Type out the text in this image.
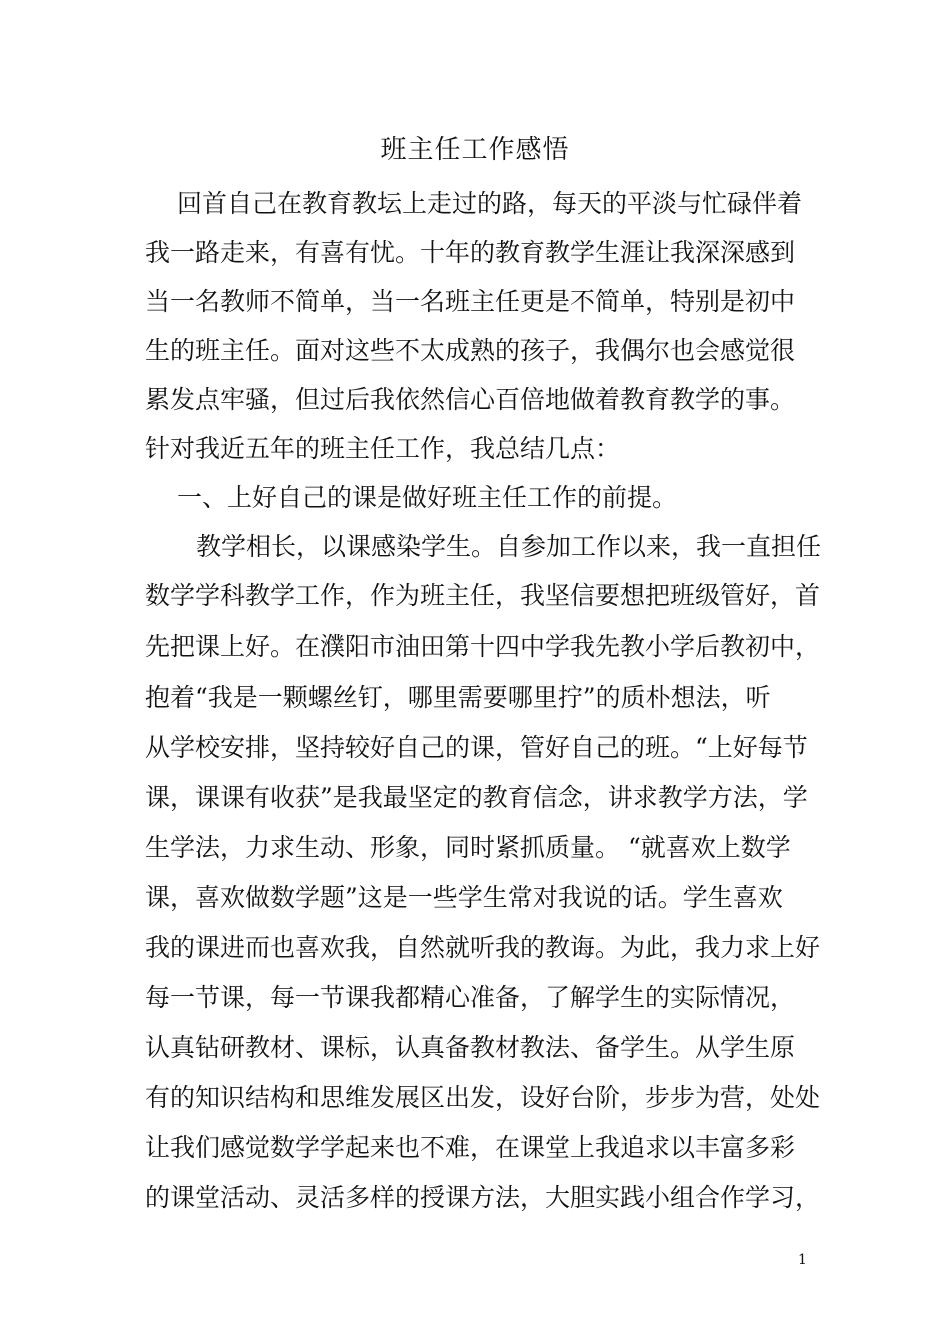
班主任工作感悟
回首自己在教育教坛上走过的路，每天的平淡与忙碌伴着
我一路走来，有喜有忧。十年的教育教学生涯让我深深感到
当一名教师不简单，当一名班主任更是不简单，特别是初中
生的班主任。面对这些不太成熟的孩子，我偶尔也会感觉很
累发点牢骚，但过后我依然信心百倍地做着教育教学的事。
针对我近五年的班主任工作，我总结几点：
一、上好自己的课是做好班主任工作的前提。
教学相长，以课感染学生。自参加工作以来，我一直担任
数学学科教学工作，作为班主任，我坚信要想把班级管好，首
先把课上好。在濮阳市油田第十四中学我先教小学后教初中，
抱着“我是一颗螺丝钉，哪里需要哪里拧”的质朴想法，听
从学校安排，坚持较好自己的课，管好自己的班。“上好每节
课，课课有收获”是我最坚定的教育信念，讲求教学方法，学
生学法，力求生动、形象，同时紧抓质量。 “就喜欢上数学
课，喜欢做数学题”这是一些学生常对我说的话。学生喜欢
我的课进而也喜欢我，自然就听我的教诲。为此，我力求上好
每一节课，每一节课我都精心准备，了解学生的实际情况，
认真钻研教材、课标，认真备教材教法、备学生。从学生原
有的知识结构和思维发展区出发，设好台阶，步步为营，处处
让我们感觉数学学起来也不难，在课堂上我追求以丰富多彩
的课堂活动、灵活多样的授课方法，大胆实践小组合作学习，
1
